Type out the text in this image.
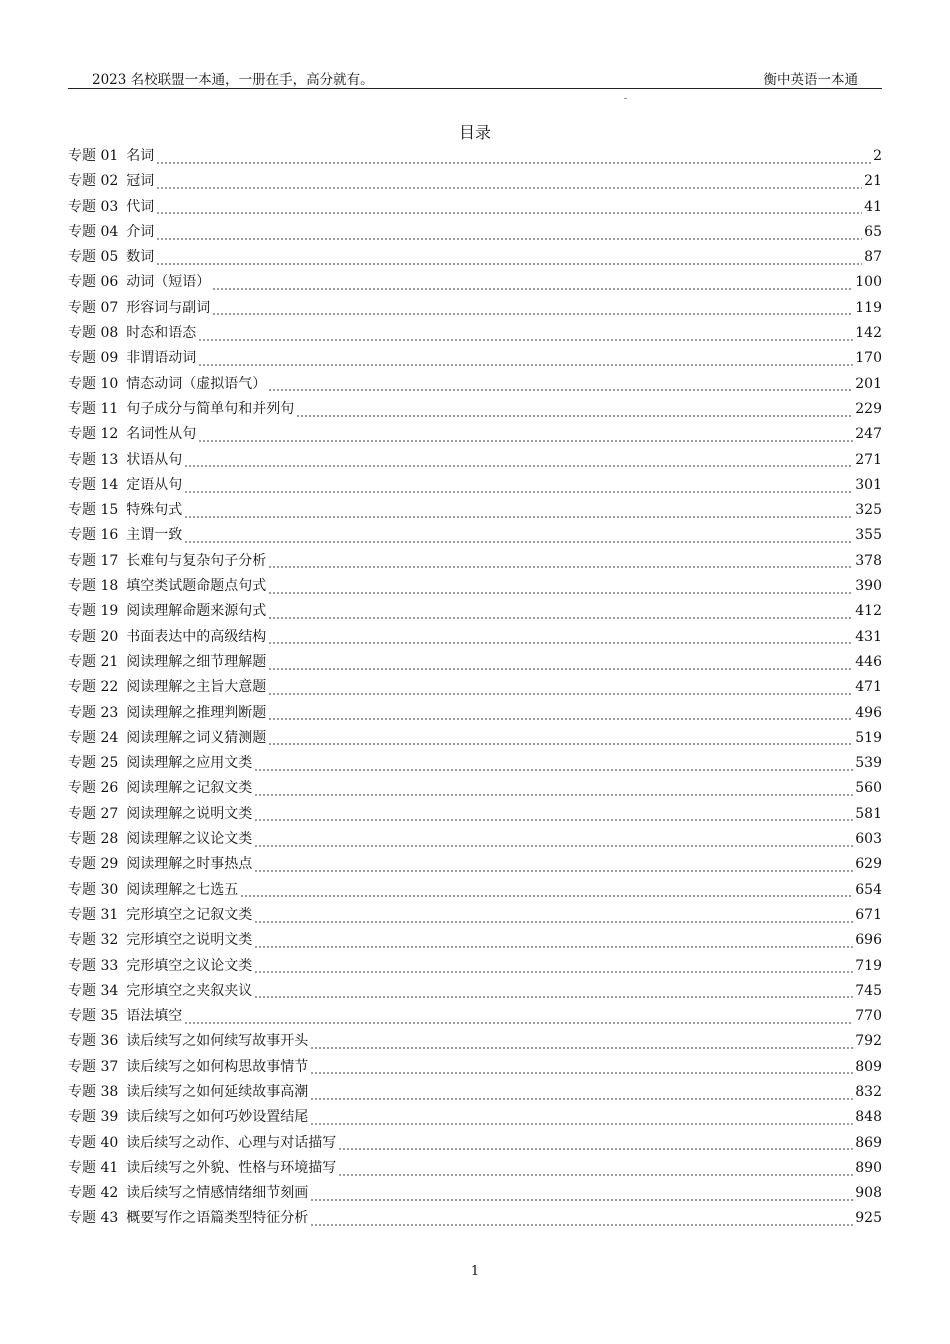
2023 名校联盟一本通，一册在手，高分就有。	衡中英语一本通
-
目录
专题 01 名词	2
专题 02 冠词	21
专题 03 代词	41
专题 04 介词	65
专题 05 数词	87
专题 06 动词（短语）	100
专题 07 形容词与副词	119
专题 08 时态和语态	142
专题 09 非谓语动词	170
专题 10 情态动词（虚拟语气）	201
专题 11 句子成分与简单句和并列句	229
专题 12 名词性从句	247
专题 13 状语从句	271
专题 14 定语从句	301
专题 15 特殊句式	325
专题 16 主谓一致	355
专题 17 长难句与复杂句子分析	378
专题 18 填空类试题命题点句式	390
专题 19 阅读理解命题来源句式	412
专题 20 书面表达中的高级结构	431
专题 21 阅读理解之细节理解题	446
专题 22 阅读理解之主旨大意题	471
专题 23 阅读理解之推理判断题	496
专题 24 阅读理解之词义猜测题	519
专题 25 阅读理解之应用文类	539
专题 26 阅读理解之记叙文类	560
专题 27 阅读理解之说明文类	581
专题 28 阅读理解之议论文类	603
专题 29 阅读理解之时事热点	629
专题 30 阅读理解之七选五	654
专题 31 完形填空之记叙文类	671
专题 32 完形填空之说明文类	696
专题 33 完形填空之议论文类	719
专题 34 完形填空之夹叙夹议	745
专题 35 语法填空	770
专题 36 读后续写之如何续写故事开头	792
专题 37 读后续写之如何构思故事情节	809
专题 38 读后续写之如何延续故事高潮	832
专题 39 读后续写之如何巧妙设置结尾	848
专题 40 读后续写之动作、心理与对话描写	869
专题 41 读后续写之外貌、性格与环境描写	890
专题 42 读后续写之情感情绪细节刻画	908
专题 43 概要写作之语篇类型特征分析	925
1
